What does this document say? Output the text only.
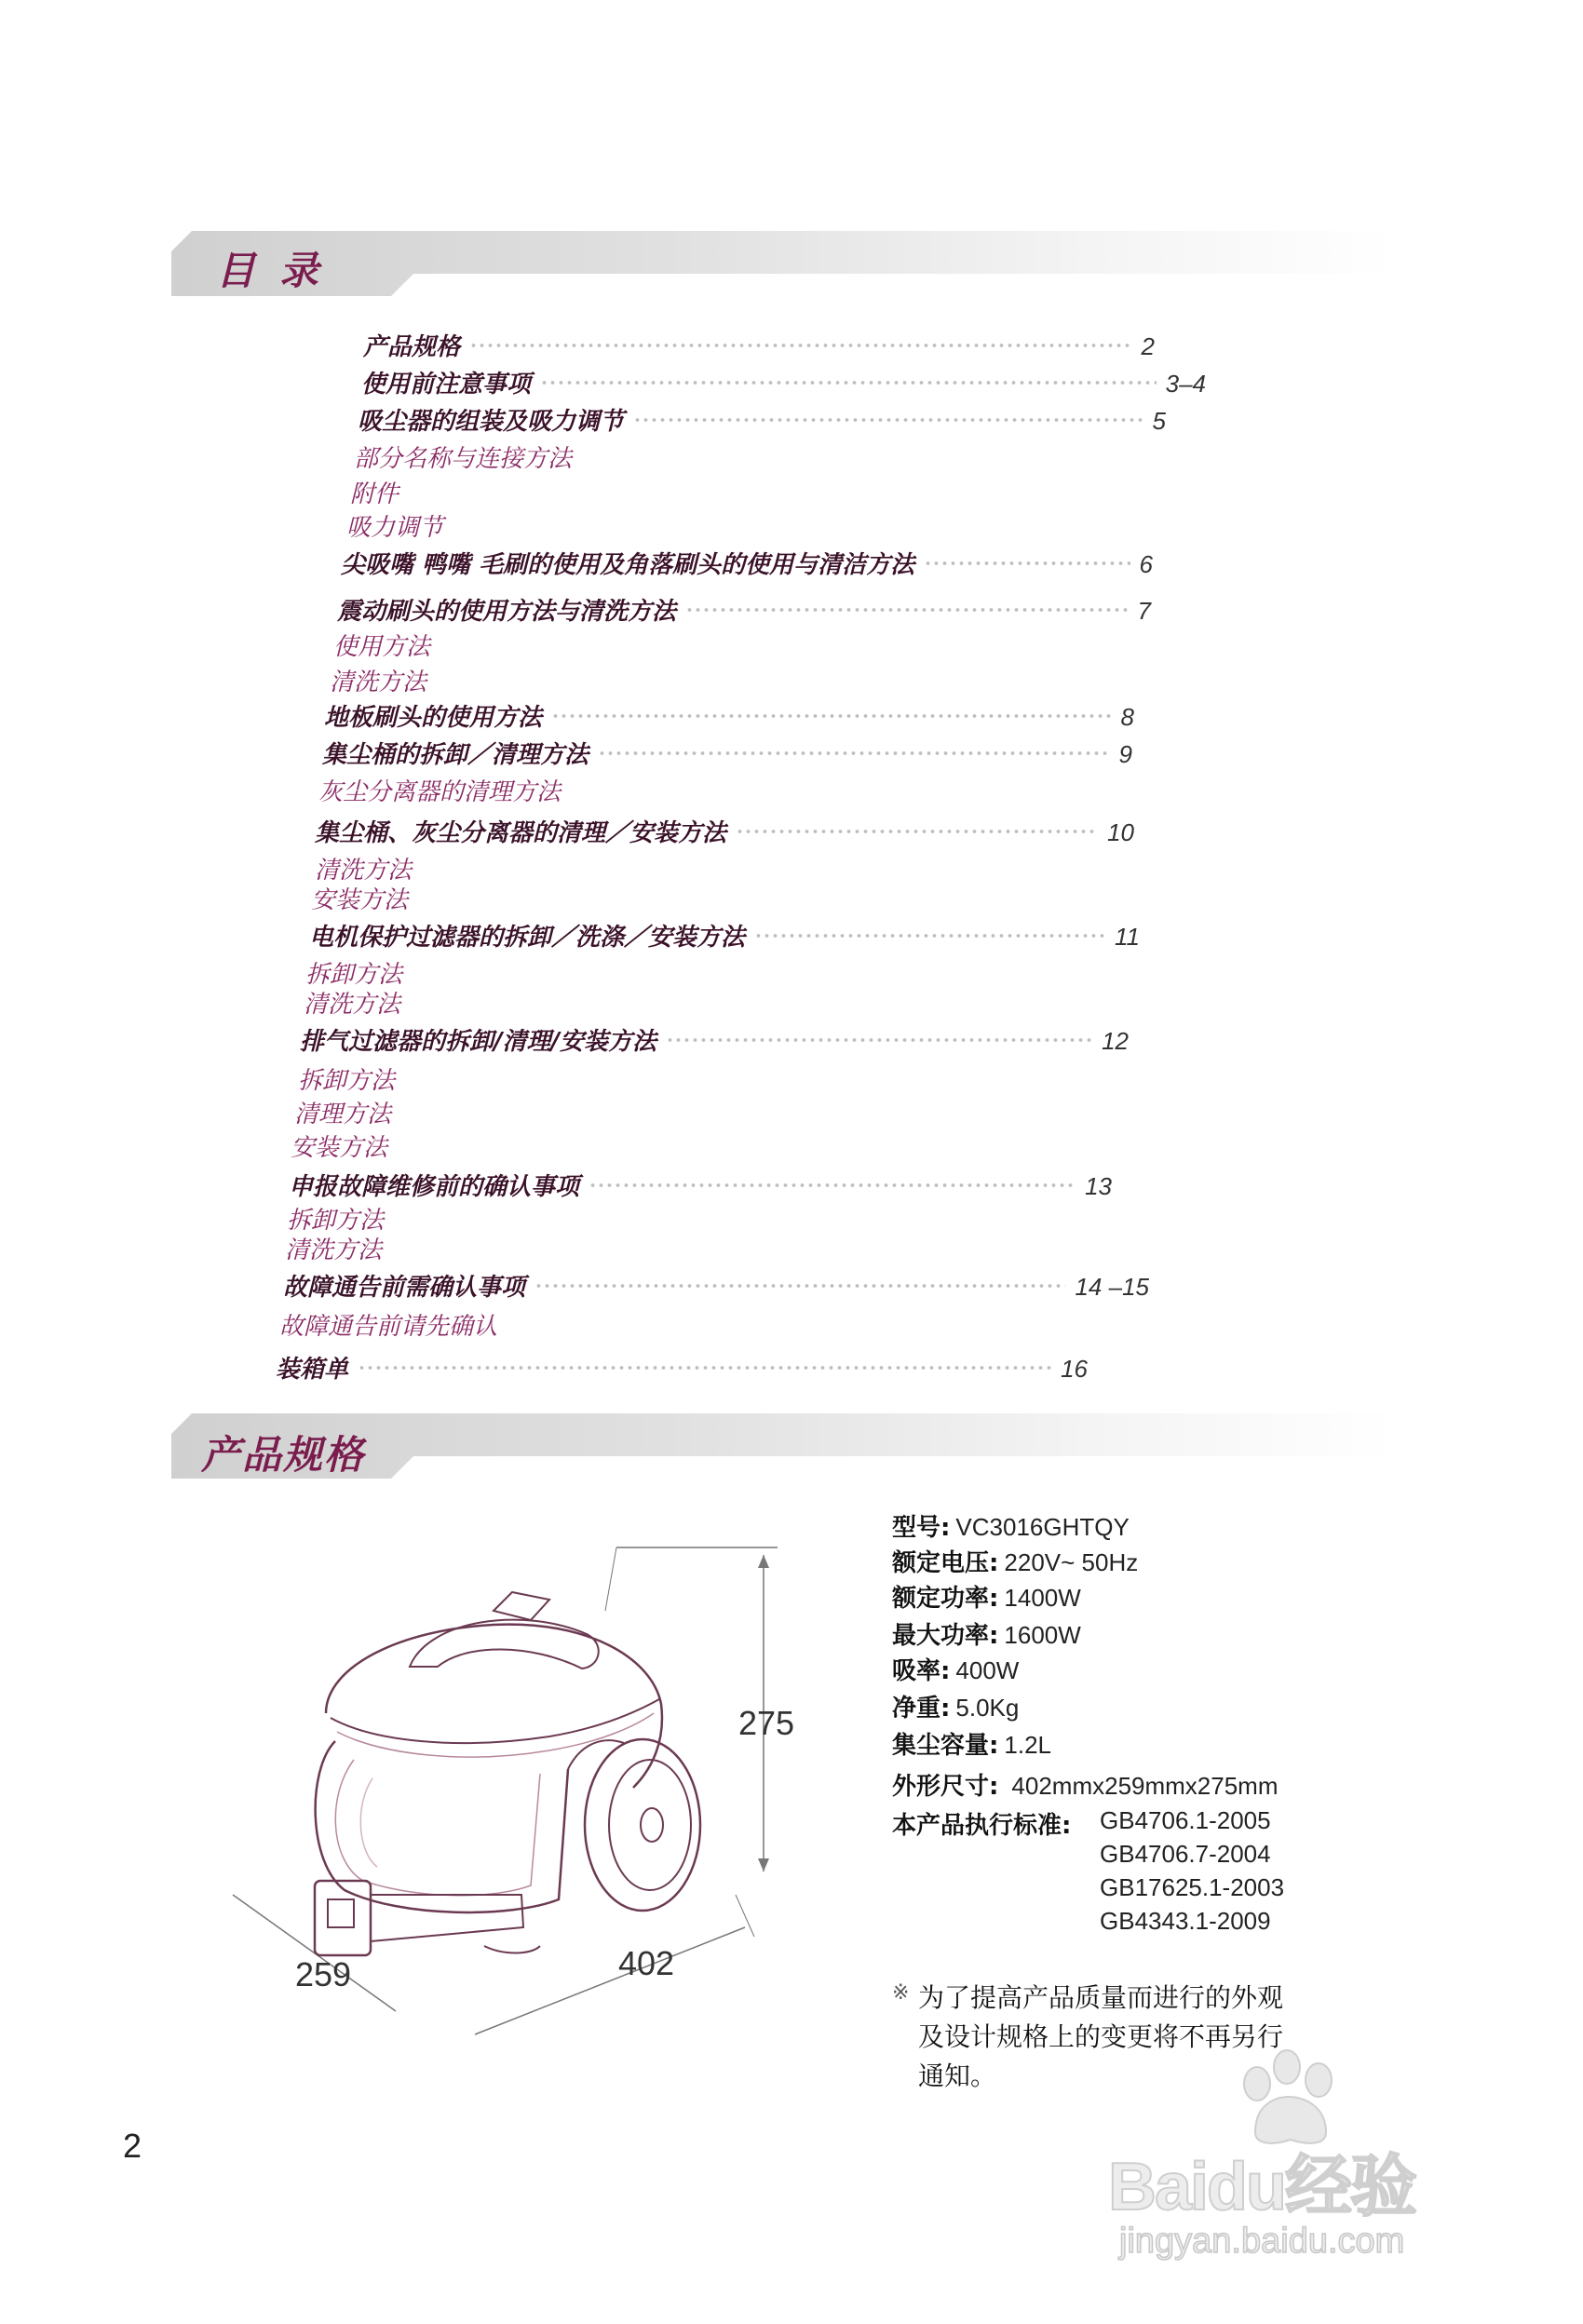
目录
产品规格	2
使用前注意事项	3–4
吸尘器的组装及吸力调节	5
部分名称与连接方法
附件
吸力调节
尖吸嘴 鸭嘴 毛刷的使用及角落刷头的使用与清洁方法	6
震动刷头的使用方法与清洗方法	7
使用方法
清洗方法
地板刷头的使用方法	8
集尘桶的拆卸／清理方法	9
灰尘分离器的清理方法
集尘桶、灰尘分离器的清理／安装方法	10
清洗方法
安装方法
电机保护过滤器的拆卸／洗涤／安装方法	11
拆卸方法
清洗方法
排气过滤器的拆卸/清理/安装方法	12
拆卸方法
清理方法
安装方法
申报故障维修前的确认事项	13
拆卸方法
清洗方法
故障通告前需确认事项	14 –15
故障通告前请先确认
装箱单	16
产品规格
275
259	402
型号: VC3016GHTQY
额定电压: 220V~ 50Hz
额定功率: 1400W
最大功率: 1600W
吸率: 400W
净重: 5.0Kg
集尘容量: 1.2L
外形尺寸: 402mmx259mmx275mm
本产品执行标准: GB4706.1-2005
GB4706.7-2004
GB17625.1-2003
GB4343.1-2009
※ 为了提高产品质量而进行的外观
及设计规格上的变更将不再另行
通知。
2
Baidu经验
jingyan.baidu.com
